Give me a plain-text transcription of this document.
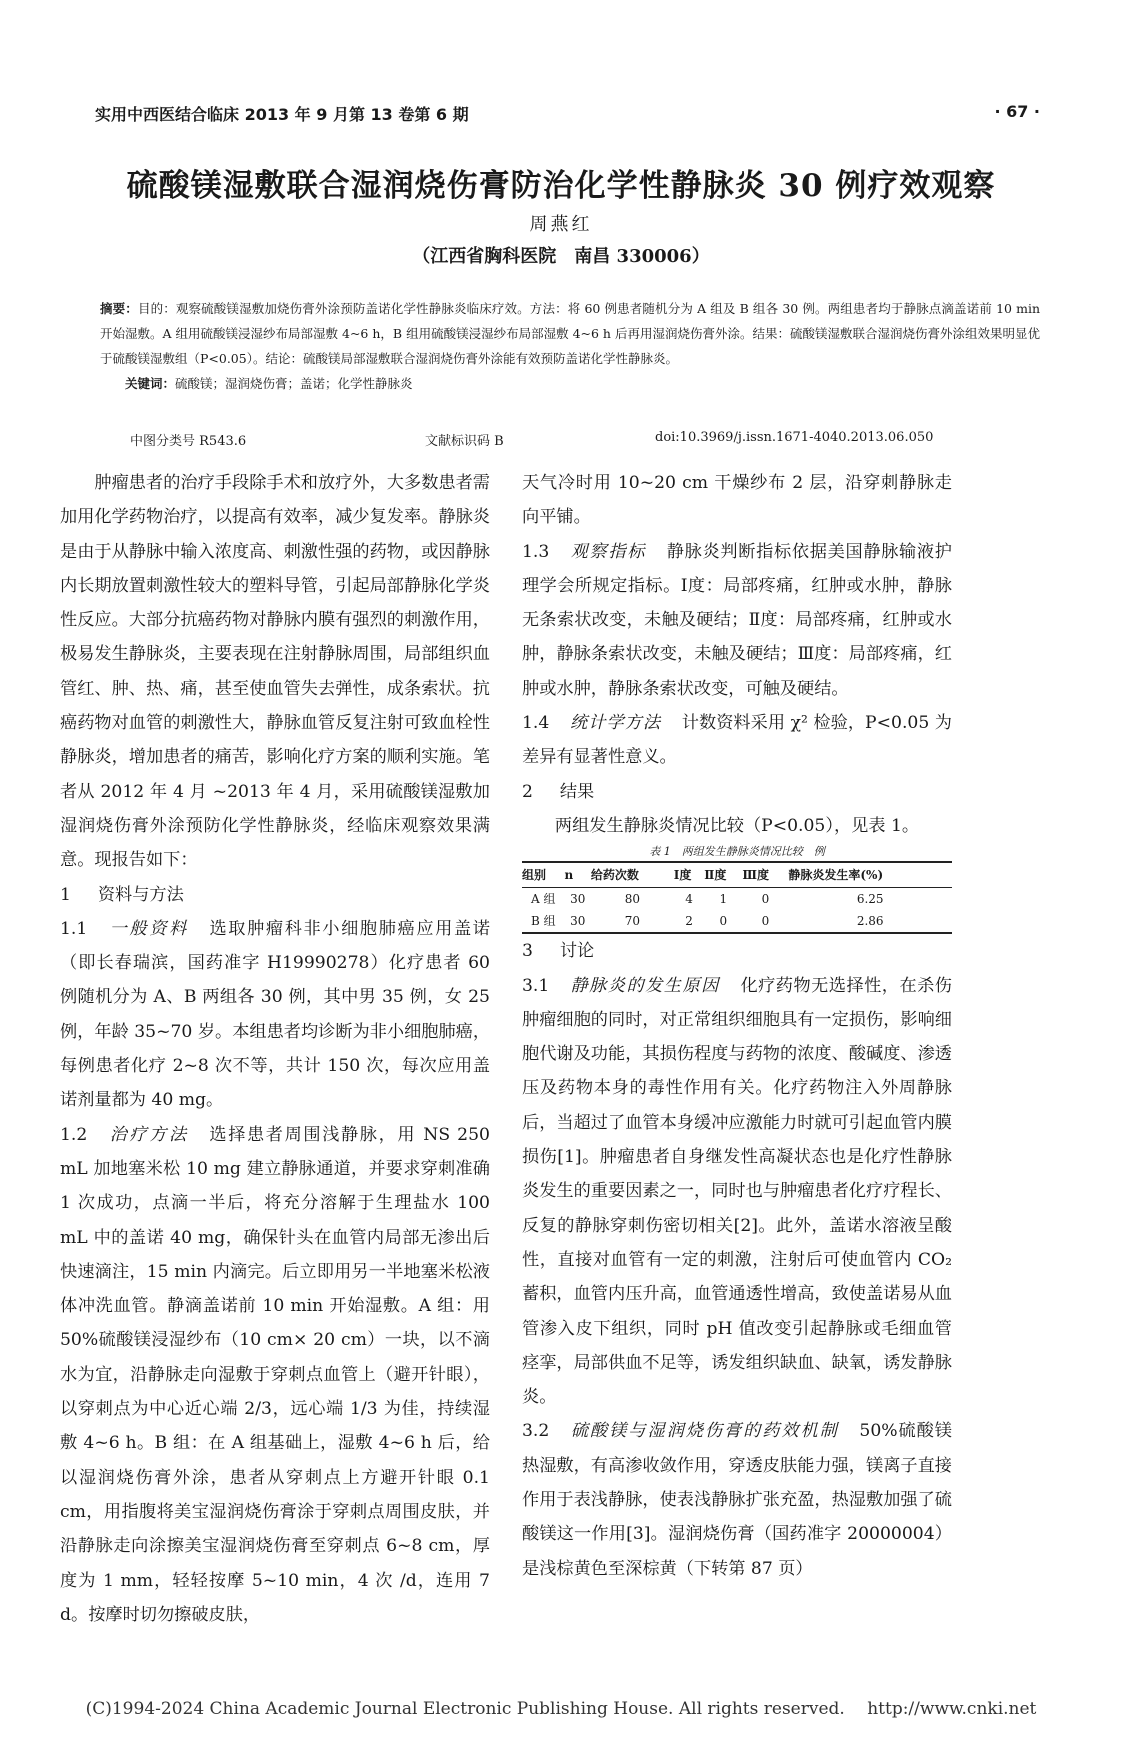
实用中西医结合临床 2013 年 9 月第 13 卷第 6 期	· 67 ·
硫酸镁湿敷联合湿润烧伤膏防治化学性静脉炎 30 例疗效观察
周燕红
（江西省胸科医院　南昌 330006）
摘要：目的：观察硫酸镁湿敷加烧伤膏外涂预防盖诺化学性静脉炎临床疗效。方法：将 60 例患者随机分为 A 组及 B 组各 30 例。两组患者均于静脉点滴盖诺前 10 min 开始湿敷。A 组用硫酸镁浸湿纱布局部湿敷 4~6 h，B 组用硫酸镁浸湿纱布局部湿敷 4~6 h 后再用湿润烧伤膏外涂。结果：硫酸镁湿敷联合湿润烧伤膏外涂组效果明显优于硫酸镁湿敷组（P<0.05）。结论：硫酸镁局部湿敷联合湿润烧伤膏外涂能有效预防盖诺化学性静脉炎。
关键词：硫酸镁；湿润烧伤膏；盖诺；化学性静脉炎
中图分类号 R543.6	文献标识码 B	doi:10.3969/j.issn.1671-4040.2013.06.050

肿瘤患者的治疗手段除手术和放疗外，大多数患者需加用化学药物治疗，以提高有效率，减少复发率。静脉炎是由于从静脉中输入浓度高、刺激性强的药物，或因静脉内长期放置刺激性较大的塑料导管，引起局部静脉化学炎性反应。大部分抗癌药物对静脉内膜有强烈的刺激作用，极易发生静脉炎，主要表现在注射静脉周围，局部组织血管红、肿、热、痛，甚至使血管失去弹性，成条索状。抗癌药物对血管的刺激性大，静脉血管反复注射可致血栓性静脉炎，增加患者的痛苦，影响化疗方案的顺利实施。笔者从 2012 年 4 月 ~2013 年 4 月，采用硫酸镁湿敷加湿润烧伤膏外涂预防化学性静脉炎，经临床观察效果满意。现报告如下：

1 资料与方法
1.1 一般资料 选取肿瘤科非小细胞肺癌应用盖诺（即长春瑞滨，国药准字 H19990278）化疗患者 60 例随机分为 A、B 两组各 30 例，其中男 35 例，女 25 例，年龄 35~70 岁。本组患者均诊断为非小细胞肺癌，每例患者化疗 2~8 次不等，共计 150 次，每次应用盖诺剂量都为 40 mg。
1.2 治疗方法 选择患者周围浅静脉，用 NS 250 mL 加地塞米松 10 mg 建立静脉通道，并要求穿刺准确 1 次成功，点滴一半后，将充分溶解于生理盐水 100 mL 中的盖诺 40 mg，确保针头在血管内局部无渗出后快速滴注，15 min 内滴完。后立即用另一半地塞米松液体冲洗血管。静滴盖诺前 10 min 开始湿敷。A 组：用 50%硫酸镁浸湿纱布（10 cm× 20 cm）一块，以不滴水为宜，沿静脉走向湿敷于穿刺点血管上（避开针眼），以穿刺点为中心近心端 2/3，远心端 1/3 为佳，持续湿敷 4~6 h。B 组：在 A 组基础上，湿敷 4~6 h 后，给以湿润烧伤膏外涂，患者从穿刺点上方避开针眼 0.1 cm，用指腹将美宝湿润烧伤膏涂于穿刺点周围皮肤，并沿静脉走向涂擦美宝湿润烧伤膏至穿刺点 6~8 cm，厚度为 1 mm，轻轻按摩 5~10 min，4 次 /d，连用 7 d。按摩时切勿擦破皮肤，

天气冷时用 10~20 cm 干燥纱布 2 层，沿穿刺静脉走向平铺。

1.3 观察指标 静脉炎判断指标依据美国静脉输液护理学会所规定指标。Ⅰ度：局部疼痛，红肿或水肿，静脉无条索状改变，未触及硬结；Ⅱ度：局部疼痛，红肿或水肿，静脉条索状改变，未触及硬结；Ⅲ度：局部疼痛，红肿或水肿，静脉条索状改变，可触及硬结。
1.4 统计学方法 计数资料采用 χ² 检验，P<0.05 为差异有显著性意义。
2 结果
两组发生静脉炎情况比较（P<0.05），见表 1。
表 1　两组发生静脉炎情况比较　例
组别	n	给药次数	Ⅰ度	Ⅱ度	Ⅲ度	静脉炎发生率(%)
A 组	30	80	4	1	0	6.25
B 组	30	70	2	0	0	2.86
3 讨论
3.1 静脉炎的发生原因 化疗药物无选择性，在杀伤肿瘤细胞的同时，对正常组织细胞具有一定损伤，影响细胞代谢及功能，其损伤程度与药物的浓度、酸碱度、渗透压及药物本身的毒性作用有关。化疗药物注入外周静脉后，当超过了血管本身缓冲应激能力时就可引起血管内膜损伤[1]。肿瘤患者自身继发性高凝状态也是化疗性静脉炎发生的重要因素之一，同时也与肿瘤患者化疗疗程长、反复的静脉穿刺伤密切相关[2]。此外，盖诺水溶液呈酸性，直接对血管有一定的刺激，注射后可使血管内 CO₂ 蓄积，血管内压升高，血管通透性增高，致使盖诺易从血管渗入皮下组织，同时 pH 值改变引起静脉或毛细血管痉挛，局部供血不足等，诱发组织缺血、缺氧，诱发静脉炎。
3.2 硫酸镁与湿润烧伤膏的药效机制 50%硫酸镁热湿敷，有高渗收敛作用，穿透皮肤能力强，镁离子直接作用于表浅静脉，使表浅静脉扩张充盈，热湿敷加强了硫酸镁这一作用[3]。湿润烧伤膏（国药准字 20000004）是浅棕黄色至深棕黄（下转第 87 页）
(C)1994-2024 China Academic Journal Electronic Publishing House. All rights reserved.　 http://www.cnki.net
